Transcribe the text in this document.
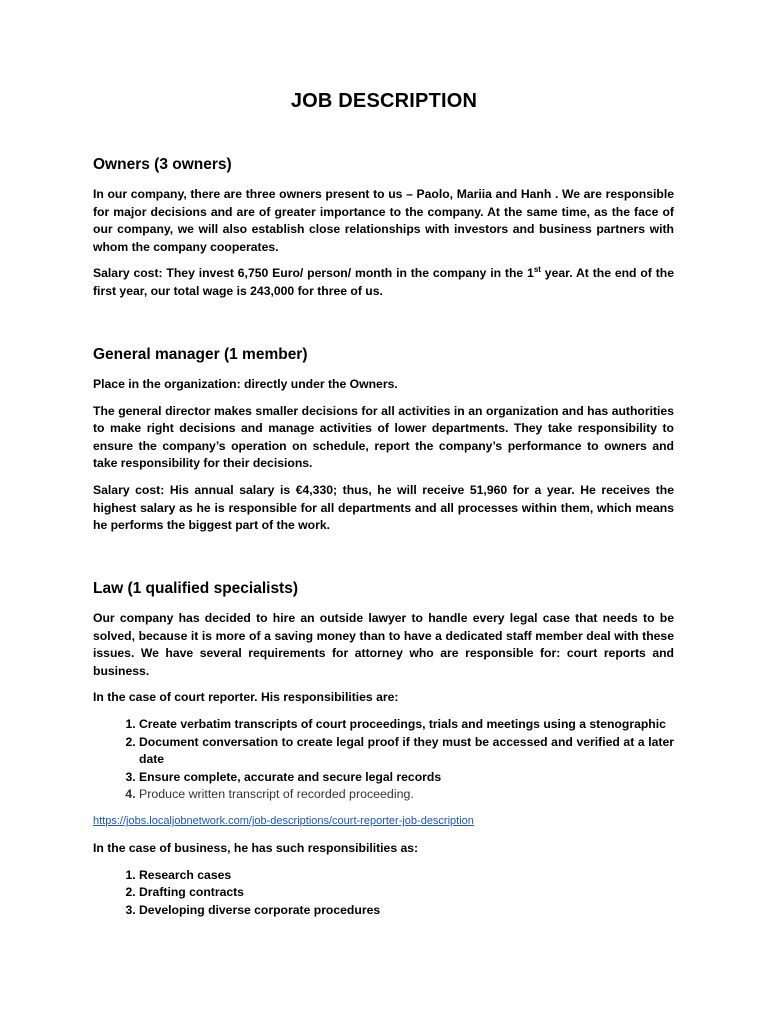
JOB DESCRIPTION
Owners (3 owners)

In our company, there are three owners present to us – Paolo, Mariia and Hanh . We are responsible for major decisions and are of greater importance to the company. At the same time, as the face of our company, we will also establish close relationships with investors and business partners with whom the company cooperates.

Salary cost: They invest 6,750 Euro/ person/ month in the company in the 1st year. At the end of the first year, our total wage is 243,000 for three of us.

General manager (1 member)

Place in the organization: directly under the Owners.

The general director makes smaller decisions for all activities in an organization and has authorities to make right decisions and manage activities of lower departments. They take responsibility to ensure the company’s operation on schedule, report the company’s performance to owners and take responsibility for their decisions.

Salary cost: His annual salary is €4,330; thus, he will receive 51,960 for a year. He receives the highest salary as he is responsible for all departments and all processes within them, which means he performs the biggest part of the work.

Law (1 qualified specialists)

Our company has decided to hire an outside lawyer to handle every legal case that needs to be solved, because it is more of a saving money than to have a dedicated staff member deal with these issues. We have several requirements for attorney who are responsible for: court reports and business.

In the case of court reporter. His responsibilities are:

1. Create verbatim transcripts of court proceedings, trials and meetings using a stenographic
2. Document conversation to create legal proof if they must be accessed and verified at a later date
3. Ensure complete, accurate and secure legal records
4. Produce written transcript of recorded proceeding.
https://jobs.localjobnetwork.com/job-descriptions/court-reporter-job-description

In the case of business, he has such responsibilities as:

1. Research cases
2. Drafting contracts
3. Developing diverse corporate procedures
